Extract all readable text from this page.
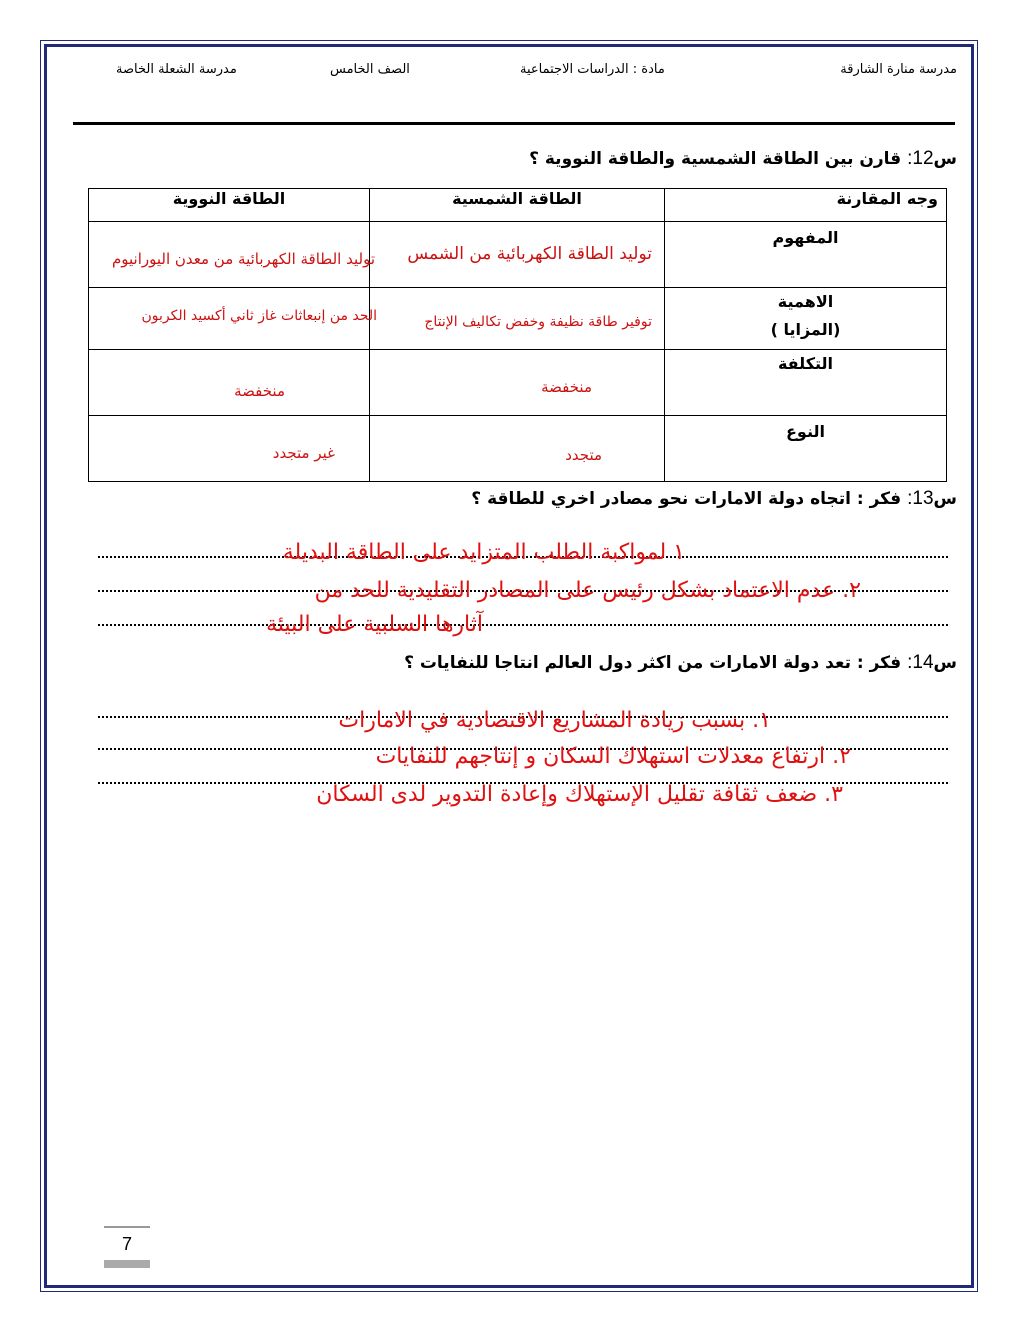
مدرسة منارة الشارقة
مادة : الدراسات الاجتماعية
الصف الخامس
مدرسة الشعلة الخاصة
س12: قارن بين الطاقة الشمسية والطاقة النووية ؟
وجه المقارنة	الطاقة الشمسية	الطاقة النووية

المفهوم	توليد الطاقة الكهربائية من الشمس	توليد الطاقة الكهربائية من معدن اليورانيوم

الاهمية
(المزايا )	توفير طاقة نظيفة وخفض تكاليف الإنتاج	الحد من إنبعاثات غاز ثاني أكسيد الكربون

التكلفة	منخفضة	منخفضة

النوع	متجدد	غير متجدد
س13: فكر : اتجاه دولة الامارات نحو مصادر اخري للطاقة ؟
١ لمواكبة الطلب المتزايد على الطاقة البديلة
٢. عدم الاعتماد بشكل رئيس على المصادر التقليدية للحد من
آثارها السلبية على البيئة
س14: فكر : تعد دولة الامارات من اكثر دول العالم انتاجا للنفايات ؟
١. بسبب زيادة المشاريع الاقتصادية في الامارات
٢. ارتفاع معدلات استهلاك السكان و إنتاجهم للنفايات
٣. ضعف ثقافة تقليل الإستهلاك وإعادة التدوير لدى السكان
7
